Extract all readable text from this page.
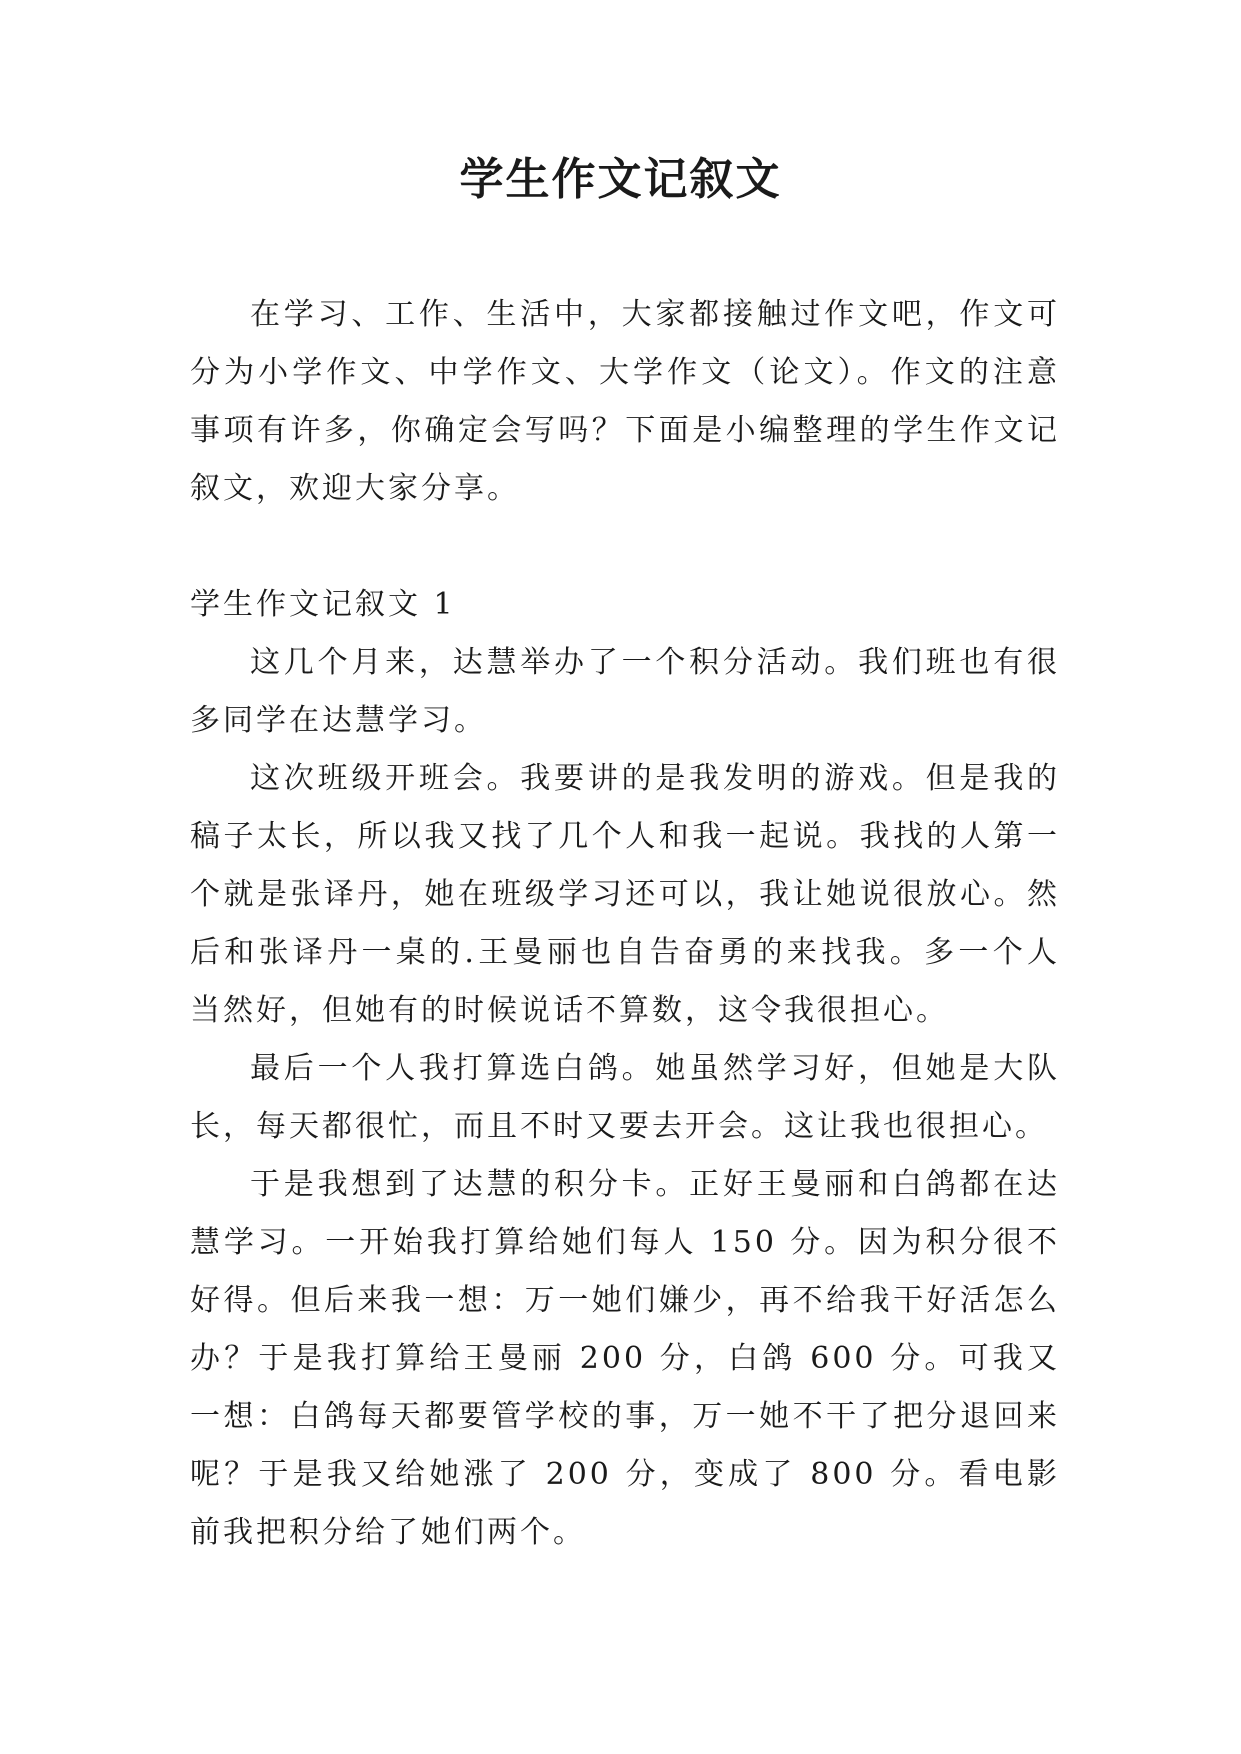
学生作文记叙文

在学习、工作、生活中，大家都接触过作文吧，作文可分为小学作文、中学作文、大学作文（论文）。作文的注意事项有许多，你确定会写吗？下面是小编整理的学生作文记叙文，欢迎大家分享。

学生作文记叙文 1

这几个月来，达慧举办了一个积分活动。我们班也有很多同学在达慧学习。

这次班级开班会。我要讲的是我发明的游戏。但是我的稿子太长，所以我又找了几个人和我一起说。我找的人第一个就是张译丹，她在班级学习还可以，我让她说很放心。然后和张译丹一桌的.王曼丽也自告奋勇的来找我。多一个人当然好，但她有的时候说话不算数，这令我很担心。

最后一个人我打算选白鸽。她虽然学习好，但她是大队长，每天都很忙，而且不时又要去开会。这让我也很担心。

于是我想到了达慧的积分卡。正好王曼丽和白鸽都在达慧学习。一开始我打算给她们每人 150 分。因为积分很不好得。但后来我一想：万一她们嫌少，再不给我干好活怎么办？于是我打算给王曼丽 200 分，白鸽 600 分。可我又一想：白鸽每天都要管学校的事，万一她不干了把分退回来呢？于是我又给她涨了 200 分，变成了 800 分。看电影前我把积分给了她们两个。
